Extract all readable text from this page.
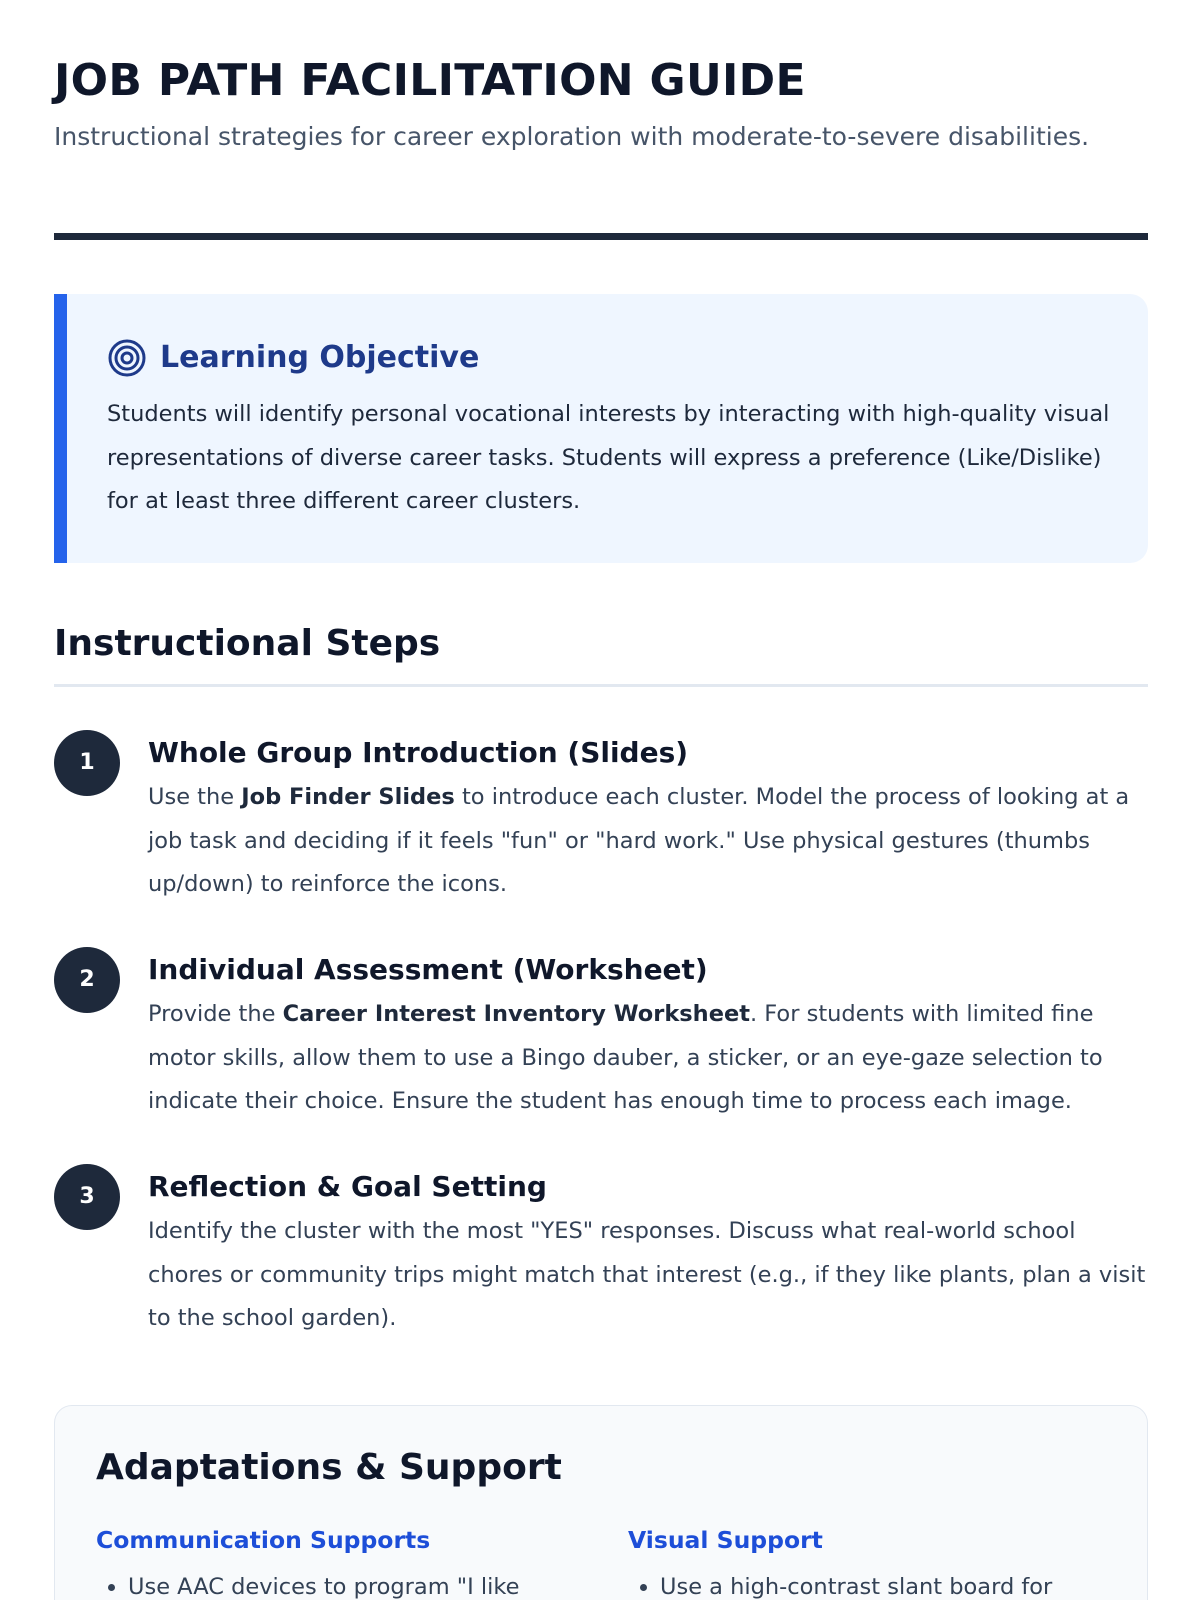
JOB PATH FACILITATION GUIDE

Instructional strategies for career exploration with moderate-to-severe disabilities.

Learning Objective

Students will identify personal vocational interests by interacting with high-quality visual representations of diverse career tasks. Students will express a preference (Like/Dislike) for at least three different career clusters.

Instructional Steps
1	Whole Group Introduction (Slides)

Use the Job Finder Slides to introduce each cluster. Model the process of looking at a job task and deciding if it feels "fun" or "hard work." Use physical gestures (thumbs up/down) to reinforce the icons.

2	Individual Assessment (Worksheet)

Provide the Career Interest Inventory Worksheet. For students with limited fine motor skills, allow them to use a Bingo dauber, a sticker, or an eye-gaze selection to indicate their choice. Ensure the student has enough time to process each image.

3	Reflection & Goal Setting

Identify the cluster with the most "YES" responses. Discuss what real-world school chores or community trips might match that interest (e.g., if they like plants, plan a visit to the school garden).

Adaptations & Support
Communication Supports
• Use AAC devices to program "I like
Visual Support
• Use a high-contrast slant board for
